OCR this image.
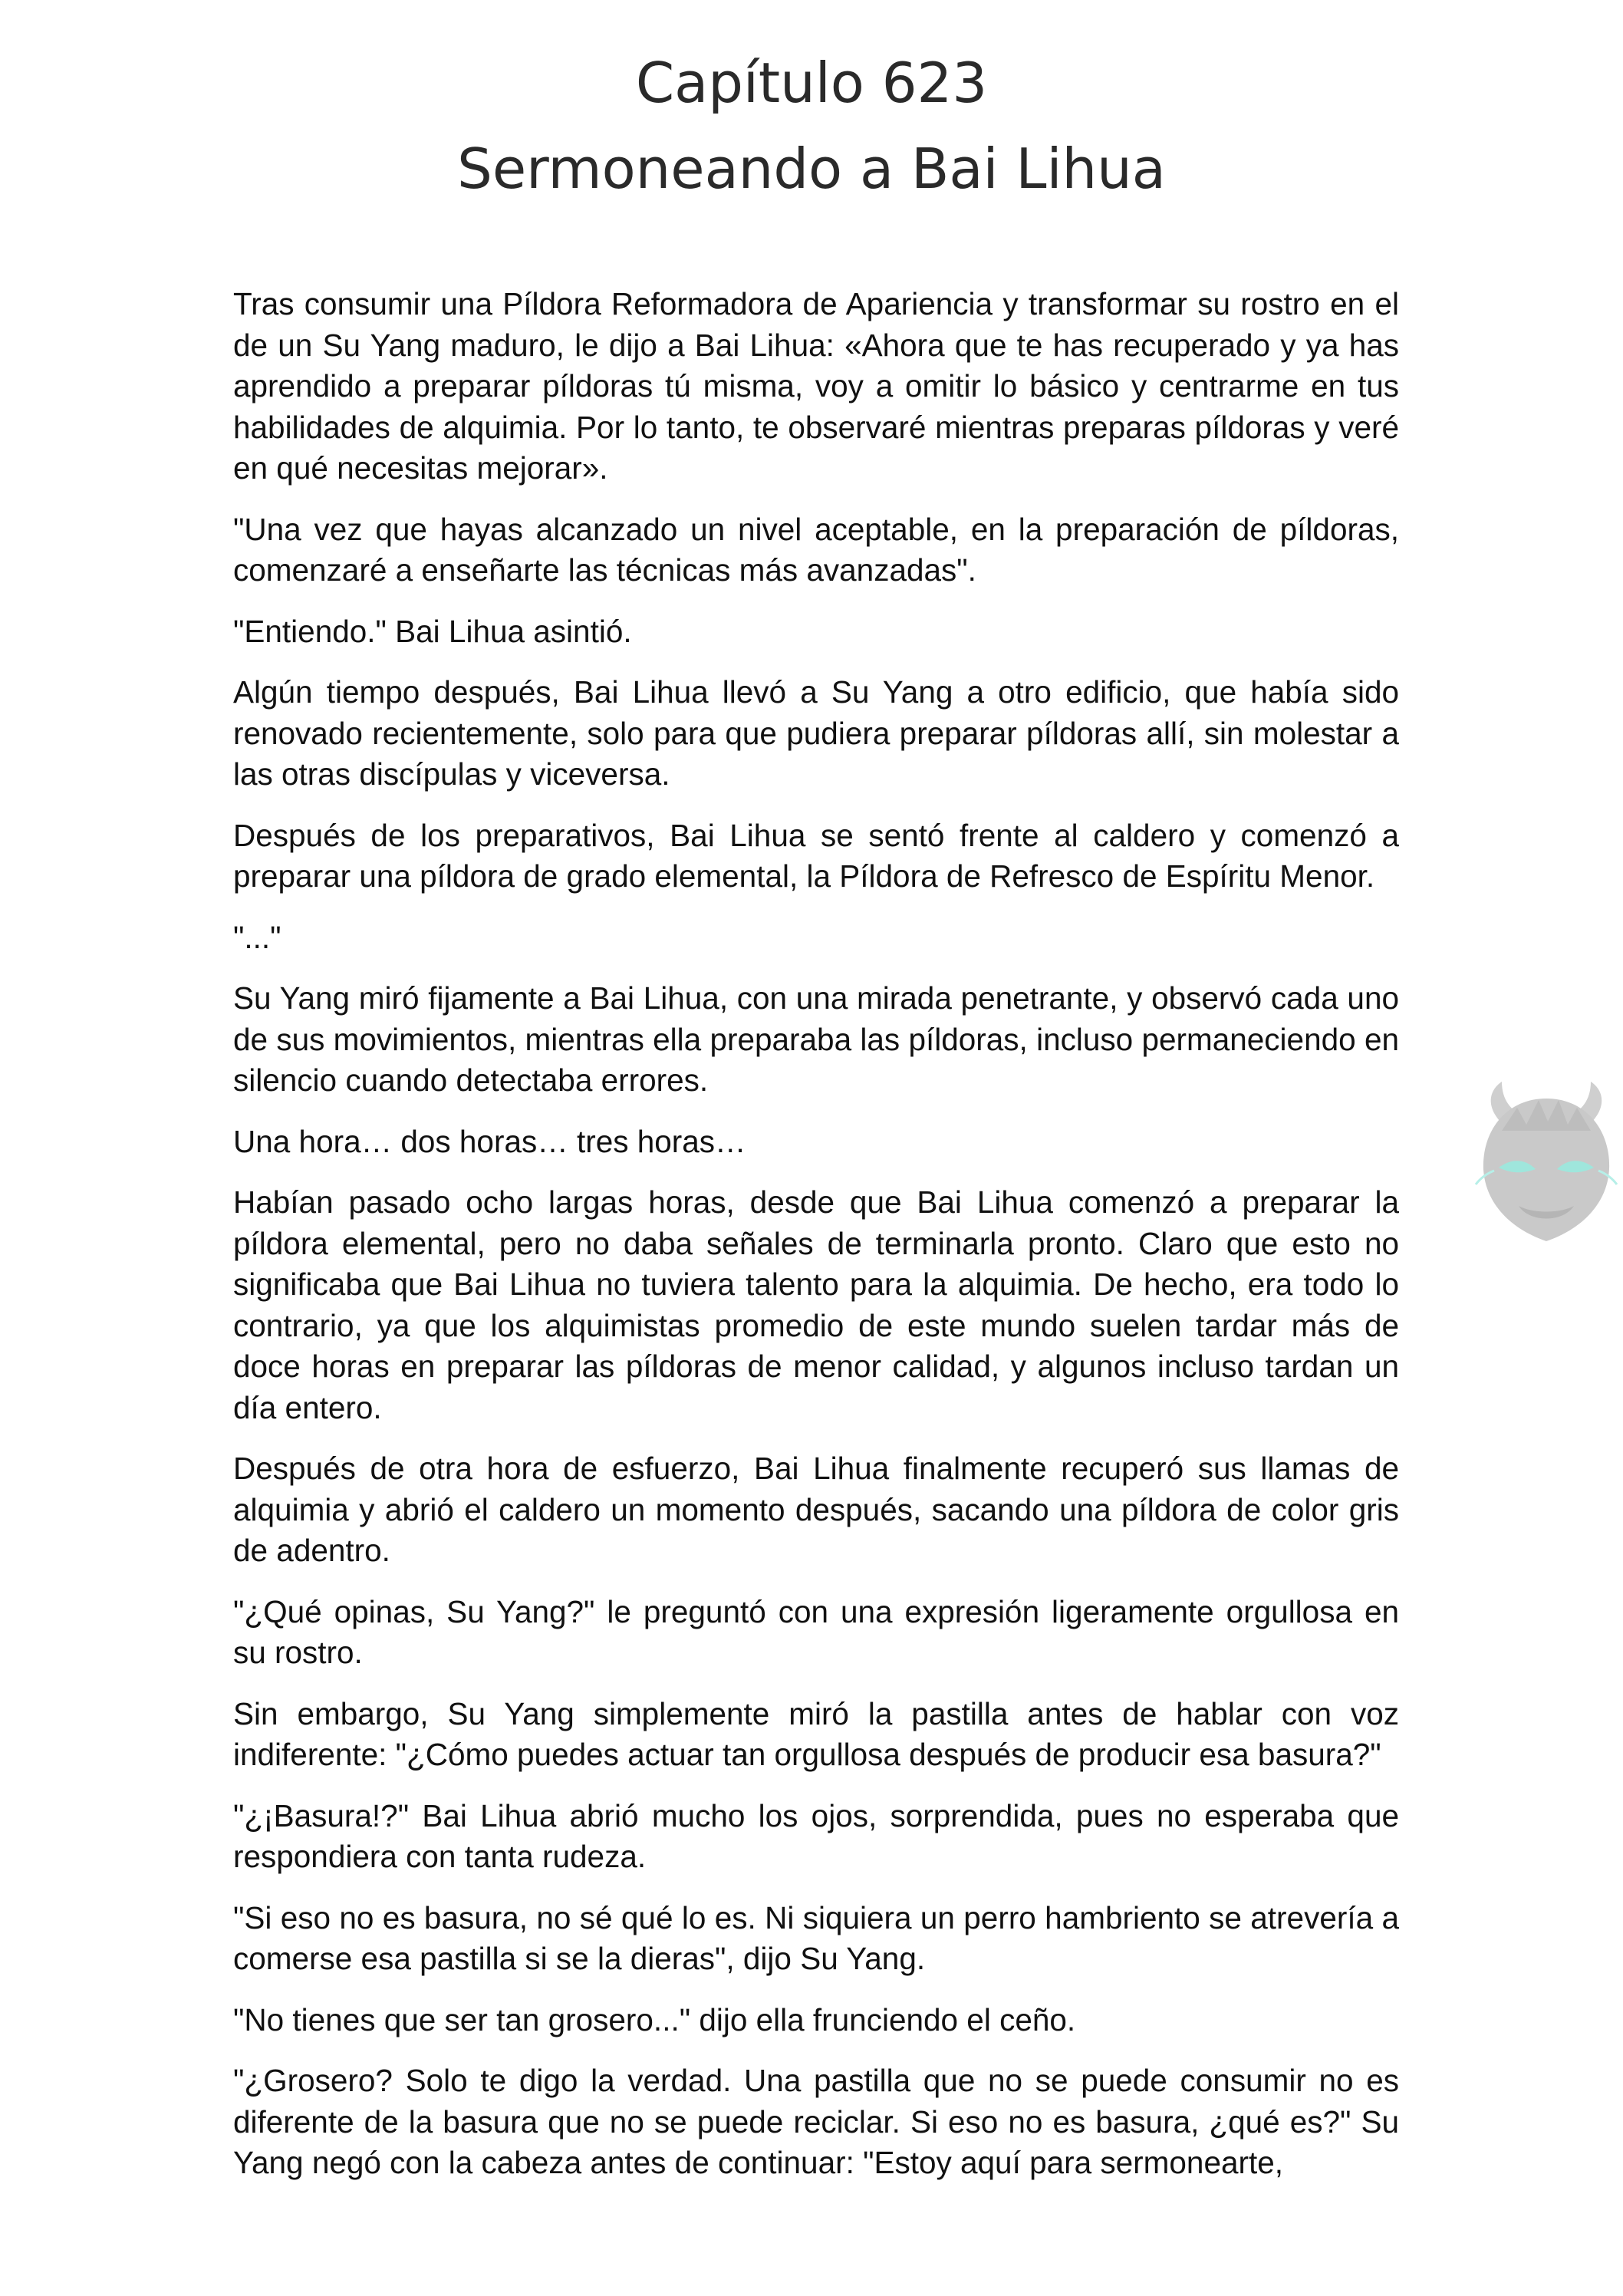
Capítulo 623
Sermoneando a Bai Lihua

Tras consumir una Píldora Reformadora de Apariencia y transformar su rostro en el de un Su Yang maduro, le dijo a Bai Lihua: «Ahora que te has recuperado y ya has aprendido a preparar píldoras tú misma, voy a omitir lo básico y centrarme en tus habilidades de alquimia. Por lo tanto, te observaré mientras preparas píldoras y veré en qué necesitas mejorar».

"Una vez que hayas alcanzado un nivel aceptable, en la preparación de píldoras, comenzaré a enseñarte las técnicas más avanzadas".

"Entiendo." Bai Lihua asintió.

Algún tiempo después, Bai Lihua llevó a Su Yang a otro edificio, que había sido renovado recientemente, solo para que pudiera preparar píldoras allí, sin molestar a las otras discípulas y viceversa.

Después de los preparativos, Bai Lihua se sentó frente al caldero y comenzó a preparar una píldora de grado elemental, la Píldora de Refresco de Espíritu Menor.

"..."

Su Yang miró fijamente a Bai Lihua, con una mirada penetrante, y observó cada uno de sus movimientos, mientras ella preparaba las píldoras, incluso permaneciendo en silencio cuando detectaba errores.

Una hora… dos horas… tres horas…

Habían pasado ocho largas horas, desde que Bai Lihua comenzó a preparar la píldora elemental, pero no daba señales de terminarla pronto. Claro que esto no significaba que Bai Lihua no tuviera talento para la alquimia. De hecho, era todo lo contrario, ya que los alquimistas promedio de este mundo suelen tardar más de doce horas en preparar las píldoras de menor calidad, y algunos incluso tardan un día entero.

Después de otra hora de esfuerzo, Bai Lihua finalmente recuperó sus llamas de alquimia y abrió el caldero un momento después, sacando una píldora de color gris de adentro.

"¿Qué opinas, Su Yang?" le preguntó con una expresión ligeramente orgullosa en su rostro.

Sin embargo, Su Yang simplemente miró la pastilla antes de hablar con voz indiferente: "¿Cómo puedes actuar tan orgullosa después de producir esa basura?"

"¿¡Basura!?" Bai Lihua abrió mucho los ojos, sorprendida, pues no esperaba que respondiera con tanta rudeza.

"Si eso no es basura, no sé qué lo es. Ni siquiera un perro hambriento se atrevería a comerse esa pastilla si se la dieras", dijo Su Yang.

"No tienes que ser tan grosero..." dijo ella frunciendo el ceño.

"¿Grosero? Solo te digo la verdad. Una pastilla que no se puede consumir no es diferente de la basura que no se puede reciclar. Si eso no es basura, ¿qué es?" Su Yang negó con la cabeza antes de continuar: "Estoy aquí para sermonearte,
